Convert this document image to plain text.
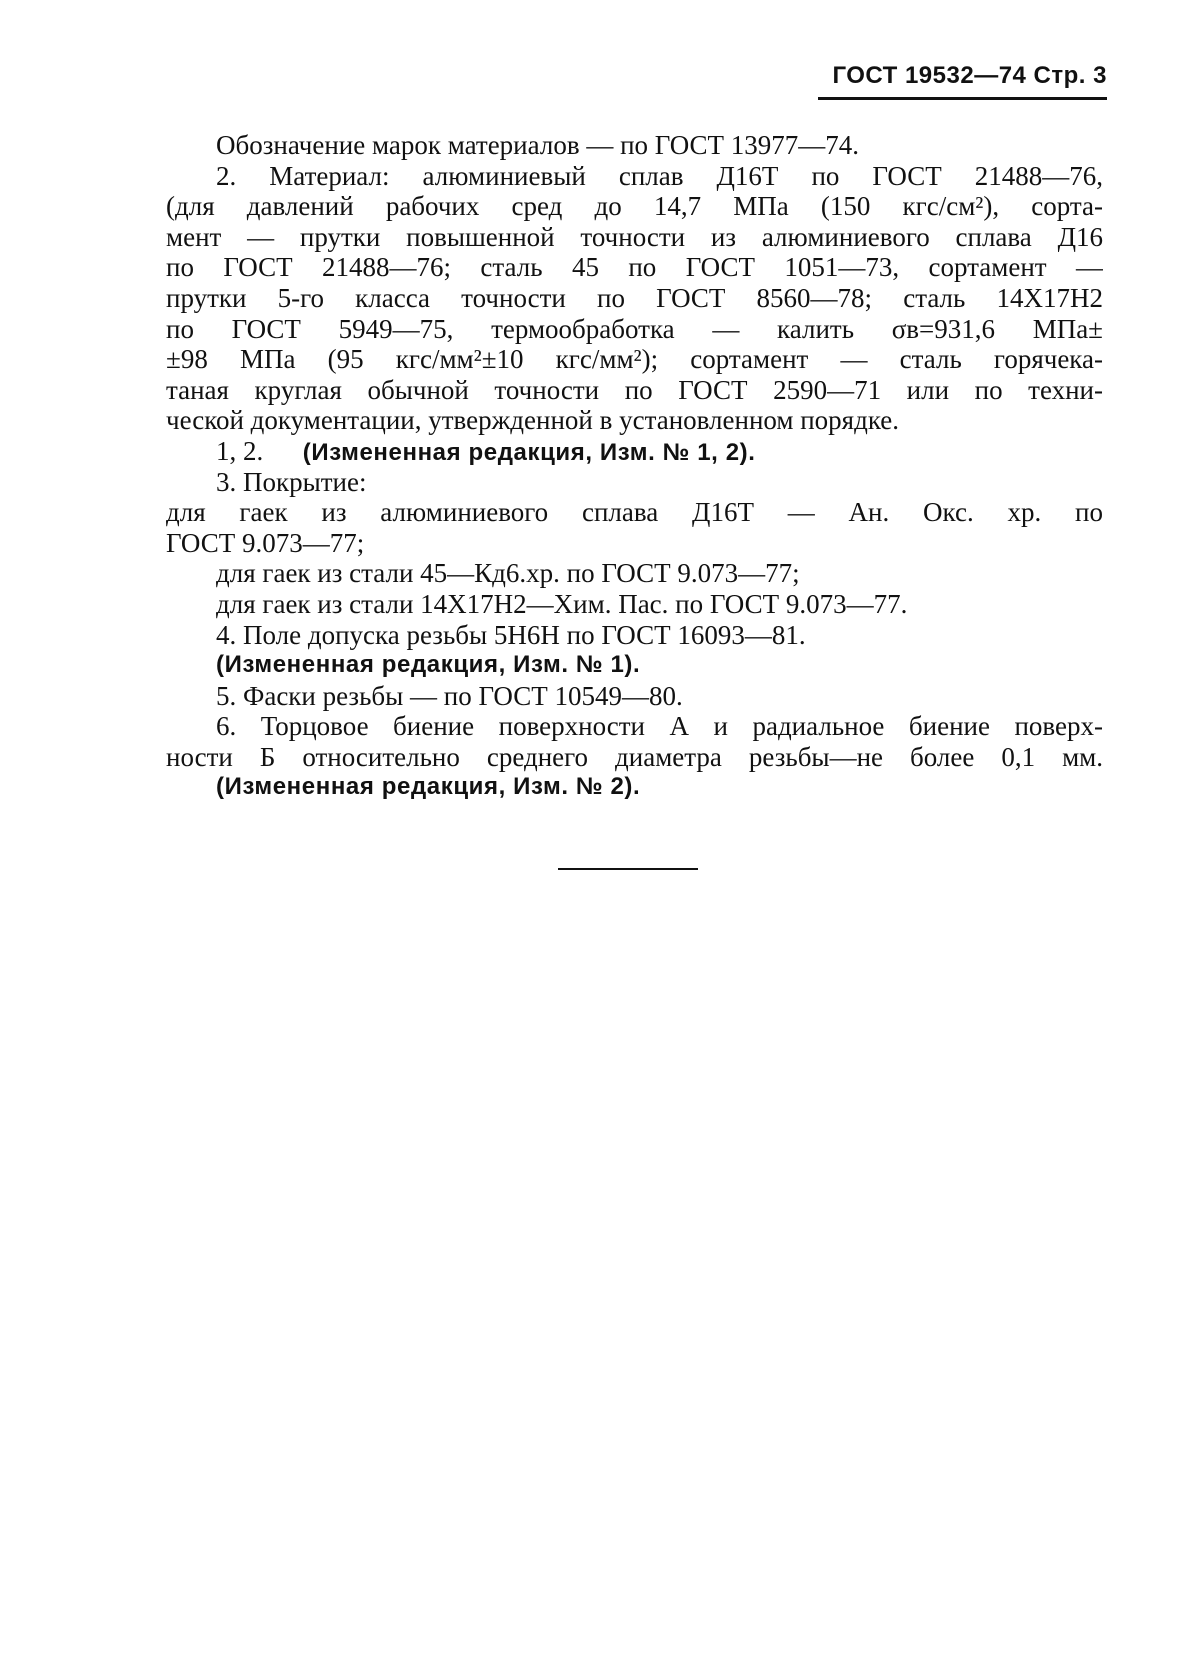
ГОСТ 19532—74 Стр. 3
Обозначение марок материалов — по ГОСТ 13977—74.
2. Материал: алюминиевый сплав Д16Т по ГОСТ 21488—76,
(для давлений рабочих сред до 14,7 МПа (150 кгс/см²), сорта-
мент — прутки повышенной точности из алюминиевого сплава Д16
по ГОСТ 21488—76; сталь 45 по ГОСТ 1051—73, сортамент —
прутки 5-го класса точности по ГОСТ 8560—78; сталь 14Х17Н2
по ГОСТ 5949—75, термообработка — калить σв=931,6 МПа±
±98 МПа (95 кгс/мм²±10 кгс/мм²); сортамент — сталь горячека-
таная круглая обычной точности по ГОСТ 2590—71 или по техни-
ческой документации, утвержденной в установленном порядке.
1, 2. (Измененная редакция, Изм. № 1, 2).
3. Покрытие:
для гаек из алюминиевого сплава Д16Т — Ан. Окс. хр. по
ГОСТ 9.073—77;
для гаек из стали 45—Кд6.хр. по ГОСТ 9.073—77;
для гаек из стали 14Х17Н2—Хим. Пас. по ГОСТ 9.073—77.
4. Поле допуска резьбы 5Н6Н по ГОСТ 16093—81.
(Измененная редакция, Изм. № 1).
5. Фаски резьбы — по ГОСТ 10549—80.
6. Торцовое биение поверхности А и радиальное биение поверх-
ности Б относительно среднего диаметра резьбы—не более 0,1 мм.
(Измененная редакция, Изм. № 2).
